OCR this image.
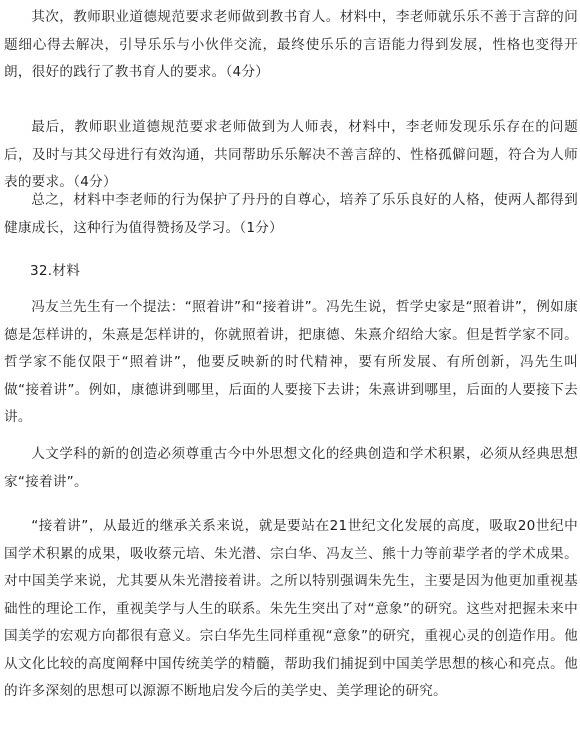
其次，教师职业道德规范要求老师做到教书育人。材料中，李老师就乐乐不善于言辞的问题细心得去解决，引导乐乐与小伙伴交流，最终使乐乐的言语能力得到发展，性格也变得开朗，很好的践行了教书育人的要求。（4分）

最后，教师职业道德规范要求老师做到为人师表，材料中，李老师发现乐乐存在的问题后，及时与其父母进行有效沟通，共同帮助乐乐解决不善言辞的、性格孤僻问题，符合为人师表的要求。（4分）

总之，材料中李老师的行为保护了丹丹的自尊心，培养了乐乐良好的人格，使两人都得到健康成长，这种行为值得赞扬及学习。（1分）

32.材料

冯友兰先生有一个提法：“照着讲”和“接着讲”。冯先生说，哲学史家是“照着讲”，例如康德是怎样讲的，朱熹是怎样讲的，你就照着讲，把康德、朱熹介绍给大家。但是哲学家不同。哲学家不能仅限于“照着讲”，他要反映新的时代精神，要有所发展、有所创新，冯先生叫做“接着讲”。例如，康德讲到哪里，后面的人要接下去讲；朱熹讲到哪里，后面的人要接下去讲。

人文学科的新的创造必须尊重古今中外思想文化的经典创造和学术积累，必须从经典思想家“接着讲”。

“接着讲”，从最近的继承关系来说，就是要站在21世纪文化发展的高度，吸取20世纪中国学术积累的成果，吸收蔡元培、朱光潜、宗白华、冯友兰、熊十力等前辈学者的学术成果。对中国美学来说，尤其要从朱光潜接着讲。之所以特别强调朱先生，主要是因为他更加重视基础性的理论工作，重视美学与人生的联系。朱先生突出了对“意象”的研究。这些对把握未来中国美学的宏观方向都很有意义。宗白华先生同样重视“意象”的研究，重视心灵的创造作用。他从文化比较的高度阐释中国传统美学的精髓，帮助我们捕捉到中国美学思想的核心和亮点。他的许多深刻的思想可以源源不断地启发今后的美学史、美学理论的研究。
